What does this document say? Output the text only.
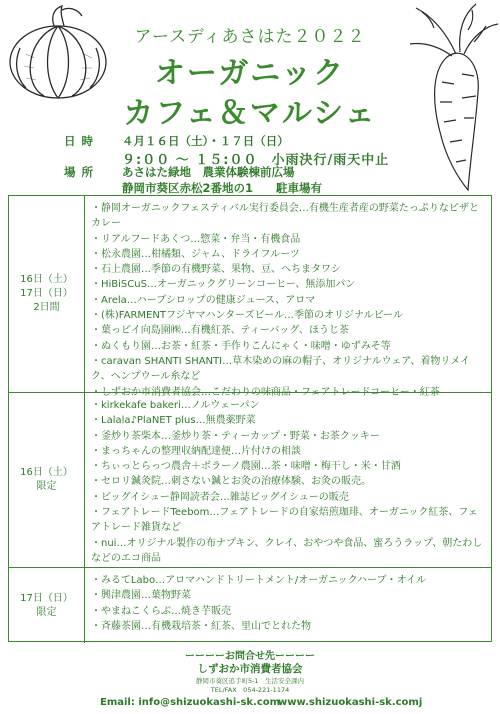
アースディあさはた２０２２
オーガニック
カフェ＆マルシェ
日時 ４月１６日（土）・１７日（日）
９:００ ～ １５:００　小雨決行/雨天中止
場所 あさはた緑地　農業体験棟前広場
静岡市葵区赤松2番地の1　　駐車場有
16日（土）
17日（日）
2日間
・静岡オーガニックフェスティバル実行委員会…有機生産者産の野菜たっぷりなピザとカレー
・リアルフードあくつ…惣菜・弁当・有機食品
・松永農園…柑橘類、ジャム、ドライフルーツ
・石上農園…季節の有機野菜、果物、豆、へちまタワシ
・HiBiSCuS…オーガニックグリーンコーヒー、無添加パン
・Arela…ハーブシロップの健康ジュース、アロマ
・(株)FARMENTフジヤマハンターズビール…季節のオリジナルビール
・葉っピイ向島園㈱…有機紅茶、ティーバッグ、ほうじ茶
・ぬくもり園…お茶・紅茶・手作りこんにゃく・味噌・ゆずみそ等
・caravan SHANTI SHANTI…草木染めの麻の帽子、オリジナルウェア、着物リメイク、ヘンプウール糸など
・しずおか市消費者協会…こだわりの味商品・フェアトレードコーヒー・紅茶
16日（土）
限定
・kirkekafe bakeri…ノルウェーパン
・Lalala♪PlaNET plus…無農薬野菜
・釜炒り茶柴本…釜炒り茶・ティーカップ・野菜・お茶クッキー
・まっちゃんの整理収納配達便…片付けの相談
・ちぃっとらっつ農舎＋ボラーノ農園…茶・味噌・梅干し・米・甘酒
・セロリ鍼灸院…刺さない鍼とお灸の治療体験、お灸の販売。
・ビッグイシュー静岡読者会…雑誌ビッグイシューの販売
・フェアトレードTeebom…フェアトレードの自家焙煎珈琲、オーガニック紅茶、フェアトレード雑貨など
・nui…オリジナル製作の布ナプキン、クレイ、おやつや食品、蜜ろうラップ、朝たわしなどのエコ商品
17日（日）
限定
・みるてLabo…アロマハンドトリートメント/オーガニックハーブ・オイル
・興津農園…葉物野菜
・やまねこくらぶ…焼き芋販売
・斉藤茶園…有機栽培茶・紅茶、里山でとれた物
ーーーーお問合せ先ーーーー
しずおか市消費者協会
静岡市葵区追手町5-1　生活安全課内
TEL/FAX　054-221-1174
Email: info@shizuokashi-sk.com
www.shizuokashi-sk.comj
